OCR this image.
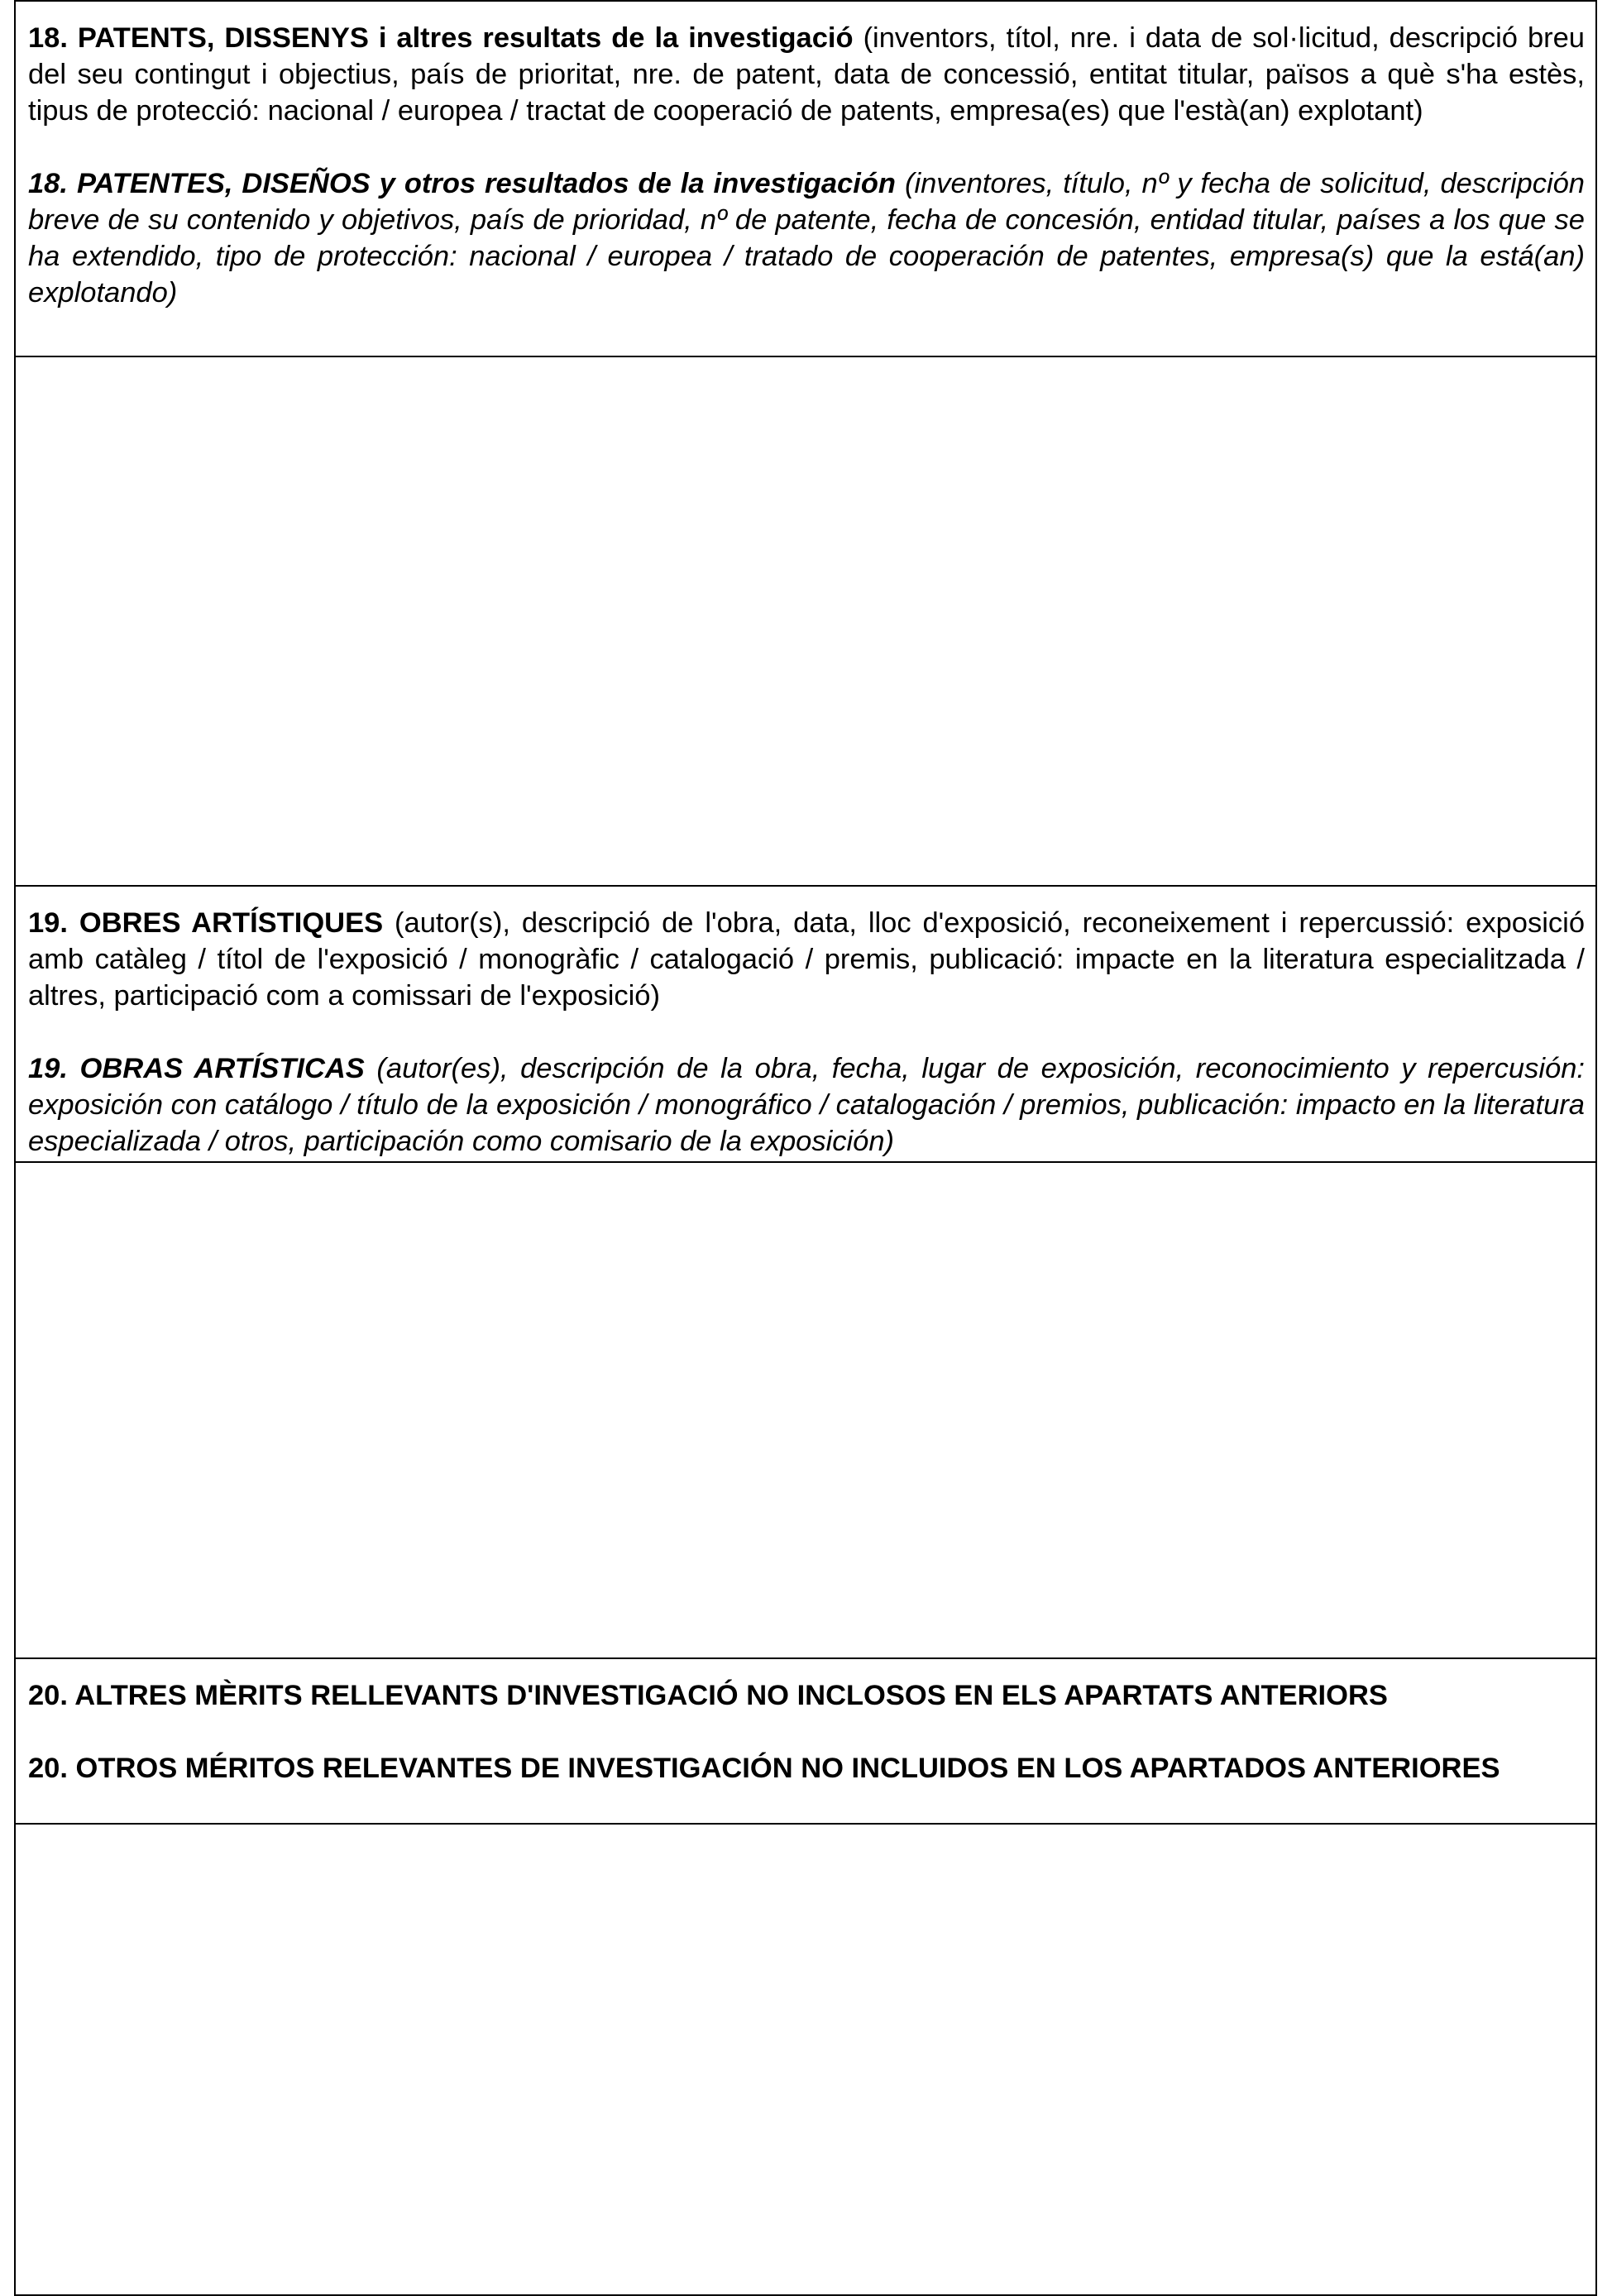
18. PATENTS, DISSENYS i altres resultats de la investigació (inventors, títol, nre. i data de sol·licitud, descripció breu del seu contingut i objectius, país de prioritat, nre. de patent, data de concessió, entitat titular, països a què s'ha estès, tipus de protecció: nacional / europea / tractat de cooperació de patents, empresa(es) que l'està(an) explotant)

18. PATENTES, DISEÑOS y otros resultados de la investigación (inventores, título, nº y fecha de solicitud, descripción breve de su contenido y objetivos, país de prioridad, nº de patente, fecha de concesión, entidad titular, países a los que se ha extendido, tipo de protección: nacional / europea / tratado de cooperación de patentes, empresa(s) que la está(an) explotando)

19. OBRES ARTÍSTIQUES (autor(s), descripció de l'obra, data, lloc d'exposició, reconeixement i repercussió: exposició amb catàleg / títol de l'exposició / monogràfic / catalogació / premis, publicació: impacte en la literatura especialitzada / altres, participació com a comissari de l'exposició)

19. OBRAS ARTÍSTICAS (autor(es), descripción de la obra, fecha, lugar de exposición, reconocimiento y repercusión: exposición con catálogo / título de la exposición / monográfico / catalogación / premios, publicación: impacto en la literatura especializada / otros, participación como comisario de la exposición)

20. ALTRES MÈRITS RELLEVANTS D'INVESTIGACIÓ NO INCLOSOS EN ELS APARTATS ANTERIORS

20. OTROS MÉRITOS RELEVANTES DE INVESTIGACIÓN NO INCLUIDOS EN LOS APARTADOS ANTERIORES
